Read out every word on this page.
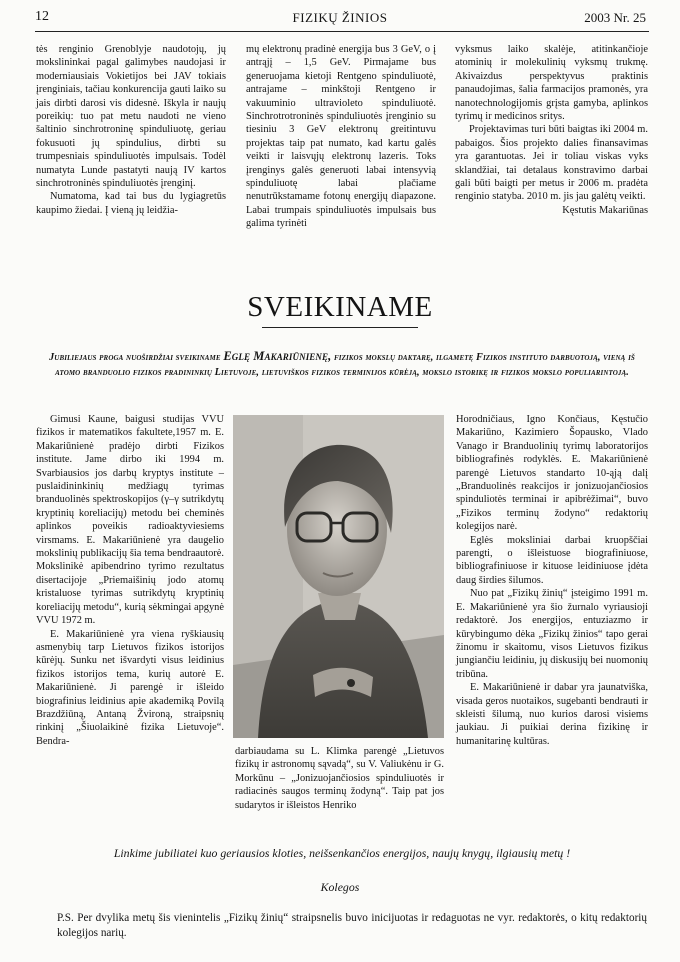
12	FIZIKŲ ŽINIOS	2003 Nr. 25

tės renginio Grenoblyje naudotojų, jų mokslininkai pagal galimybes naudojasi ir moderniausiais Vokietijos bei JAV tokiais įrenginiais, tačiau konkurencija gauti laiko su jais dirbti darosi vis didesnė. Iškyla ir naujų poreikių: tuo pat metu naudoti ne vieno šaltinio sinchrotroninę spinduliuotę, geriau fokusuoti jų spindulius, dirbti su trumpesniais spinduliuotės impulsais. Todėl numatyta Lunde pastatyti naują IV kartos sinchrotroninės spinduliuotės įrenginį.

Numatoma, kad tai bus du lygiagretūs kaupimo žiedai. Į vieną jų leidžia-

mų elektronų pradinė energija bus 3 GeV, o į antrąjį – 1,5 GeV. Pirmajame bus generuojama kietoji Rentgeno spinduliuotė, antrajame – minkštoji Rentgeno ir vakuuminio ultravioleto spinduliuotė. Sinchrotrotroninės spinduliuotės įrenginio su tiesiniu 3 GeV elektronų greitintuvu projektas taip pat numato, kad kartu galės veikti ir laisvųjų elektronų lazeris. Toks įrenginys galės generuoti labai intensyvią spinduliuotę labai plačiame nenutrūkstamame fotonų energijų diapazone. Labai trumpais spinduliuotės impulsais bus galima tyrinėti

vyksmus laiko skalėje, atitinkančioje atominių ir molekulinių vyksmų trukmę. Akivaizdus perspektyvus praktinis panaudojimas, šalia farmacijos pramonės, yra nanotechnologijomis grįsta gamyba, aplinkos tyrimų ir medicinos sritys.

Projektavimas turi būti baigtas iki 2004 m. pabaigos. Šios projekto dalies finansavimas yra garantuotas. Jei ir toliau viskas vyks sklandžiai, tai detalaus konstravimo darbai gali būti baigti per metus ir 2006 m. pradėta renginio statyba. 2010 m. jis jau galėtų veikti.

Kęstutis Makariūnas

SVEIKINAME
Jubiliejaus proga nuoširdžiai sveikiname Eglę Makariūnienę, fizikos mokslų daktarę, ilgametę Fizikos instituto darbuotoją, vieną iš atomo branduolio fizikos pradininkių Lietuvoje, lietuviškos fizikos terminijos kūrėją, mokslo istorikę ir fizikos mokslo populiarintoją.

Gimusi Kaune, baigusi studijas VVU fizikos ir matematikos fakultete,1957 m. E. Makariūnienė pradėjo dirbti Fizikos institute. Jame dirbo iki 1994 m. Svarbiausios jos darbų kryptys institute – puslaidininkinių medžiagų tyrimas branduolinės spektroskopijos (γ–γ sutrikdytų kryptinių koreliacijų) metodu bei cheminės aplinkos poveikis radioaktyviesiems virsmams. E. Makariūnienė yra daugelio mokslinių publikacijų šia tema bendraautorė. Mokslinikė apibendrino tyrimo rezultatus disertacijoje „Priemaišinių jodo atomų kristaluose tyrimas sutrikdytų kryptinių koreliacijų metodu“, kurią sėkmingai apgynė VVU 1972 m.

E. Makariūnienė yra viena ryškiausių asmenybių tarp Lietuvos fizikos istorijos kūrėjų. Sunku net išvardyti visus leidinius fizikos istorijos tema, kurių autorė E. Makariūnienė. Ji parengė ir išleido biografinius leidinius apie akademiką Povilą Brazdžiūną, Antaną Žvironą, straipsnių rinkinį „Šiuolaikinė fizika Lietuvoje“. Bendra-

darbiaudama su L. Klimka parengė „Lietuvos fizikų ir astronomų sąvadą“, su V. Valiukėnu ir G. Morkūnu – „Jonizuojančiosios spinduliuotės ir radiacinės saugos terminų žodyną“. Taip pat jos sudarytos ir išleistos Henriko

Horodničiaus, Igno Končiaus, Kęstučio Makariūno, Kazimiero Šopausko, Vlado Vanago ir Branduolinių tyrimų laboratorijos bibliografinės rodyklės. E. Makariūnienė parengė Lietuvos standarto 10-ąją dalį „Branduolinės reakcijos ir jonizuojančiosios spinduliotės terminai ir apibrėžimai“, buvo „Fizikos terminų žodyno“ redaktorių kolegijos narė.

Eglės moksliniai darbai kruopščiai parengti, o išleistuose biografiniuose, bibliografiniuose ir kituose leidiniuose įdėta daug širdies šilumos.

Nuo pat „Fizikų žinių“ įsteigimo 1991 m. E. Makariūnienė yra šio žurnalo vyriausioji redaktorė. Jos energijos, entuziazmo ir kūrybingumo dėka „Fizikų žinios“ tapo gerai žinomu ir skaitomu, visos Lietuvos fizikus jungiančiu leidiniu, jų diskusijų bei nuomonių tribūna.

E. Makariūnienė ir dabar yra jaunatviška, visada geros nuotaikos, sugebanti bendrauti ir skleisti šilumą, nuo kurios darosi visiems jaukiau. Ji puikiai derina fizikinę ir humanitarinę kultūras.

Linkime jubiliatei kuo geriausios kloties, neišsenkančios energijos, naujų knygų, ilgiausių metų !
Kolegos
P.S. Per dvylika metų šis vienintelis „Fizikų žinių“ straipsnelis buvo inicijuotas ir redaguotas ne vyr. redaktorės, o kitų redaktorių kolegijos narių.
